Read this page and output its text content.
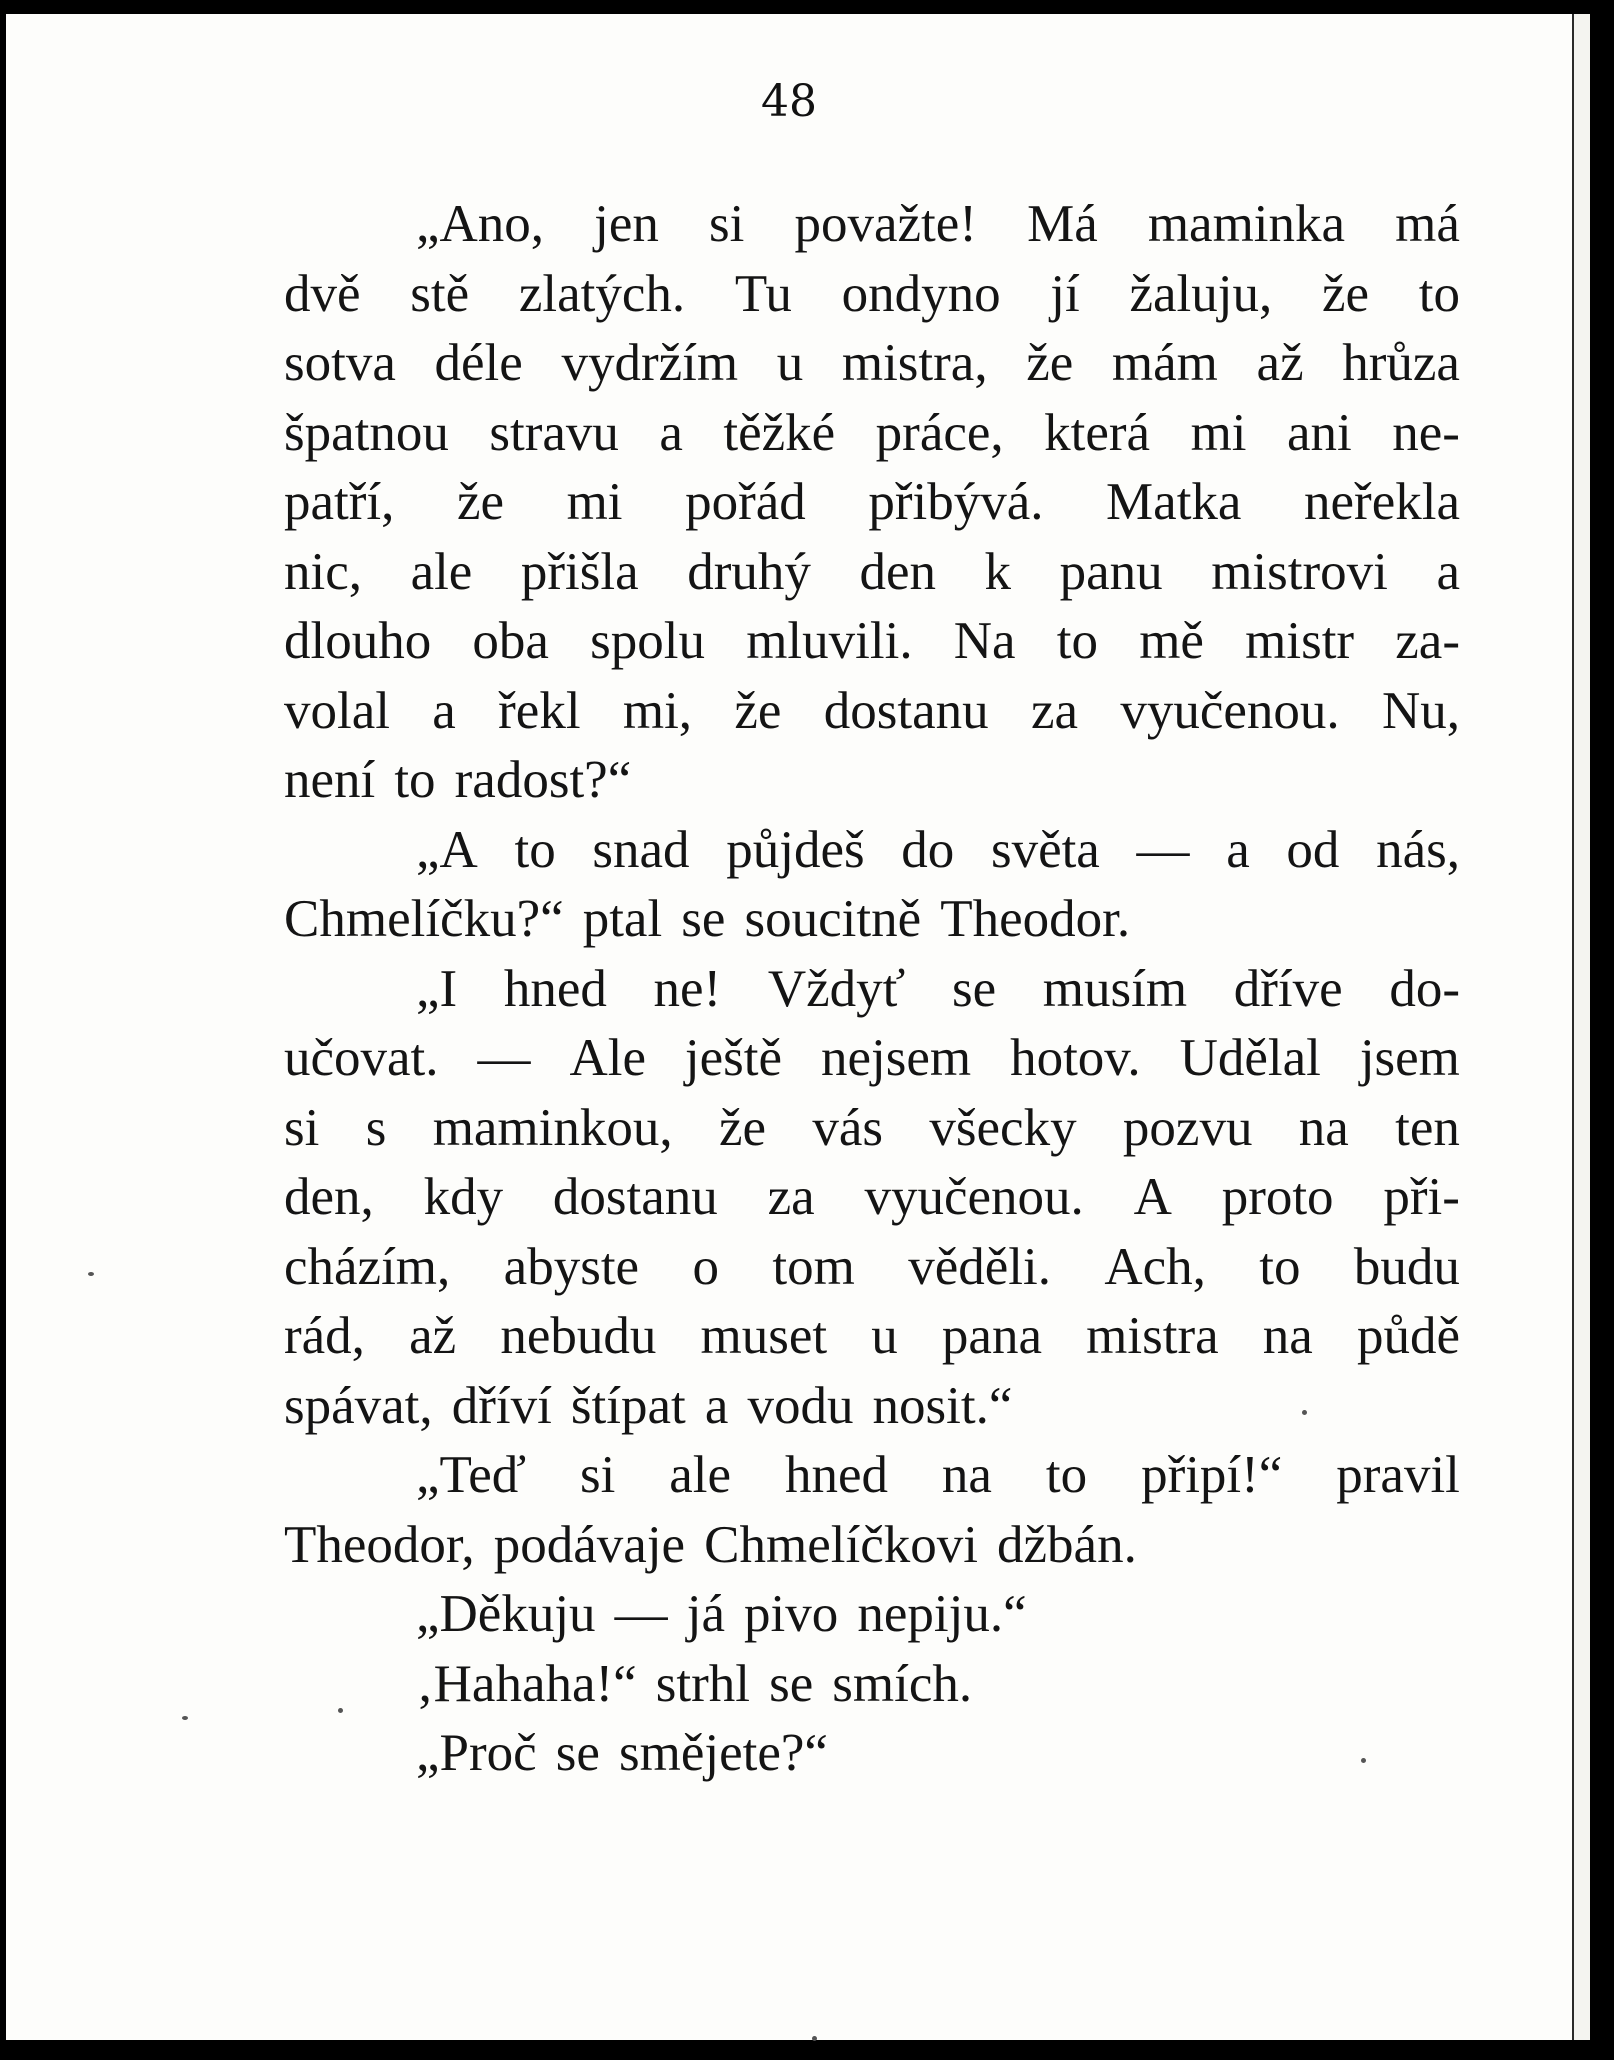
48
„Ano, jen si považte! Má maminka má
dvě stě zlatých. Tu ondyno jí žaluju, že to
sotva déle vydržím u mistra, že mám až hrůza
špatnou stravu a těžké práce, která mi ani ne-
patří, že mi pořád přibývá. Matka neřekla
nic, ale přišla druhý den k panu mistrovi a
dlouho oba spolu mluvili. Na to mě mistr za-
volal a řekl mi, že dostanu za vyučenou. Nu,
není to radost?“
„A to snad půjdeš do světa — a od nás,
Chmelíčku?“ ptal se soucitně Theodor.
„I hned ne! Vždyť se musím dříve do-
učovat. — Ale ještě nejsem hotov. Udělal jsem
si s maminkou, že vás všecky pozvu na ten
den, kdy dostanu za vyučenou. A proto při-
cházím, abyste o tom věděli. Ach, to budu
rád, až nebudu muset u pana mistra na půdě
spávat, dříví štípat a vodu nosit.“
„Teď si ale hned na to připí!“ pravil
Theodor, podávaje Chmelíčkovi džbán.
„Děkuju — já pivo nepiju.“
‚Hahaha!“ strhl se smích.
„Proč se smějete?“
